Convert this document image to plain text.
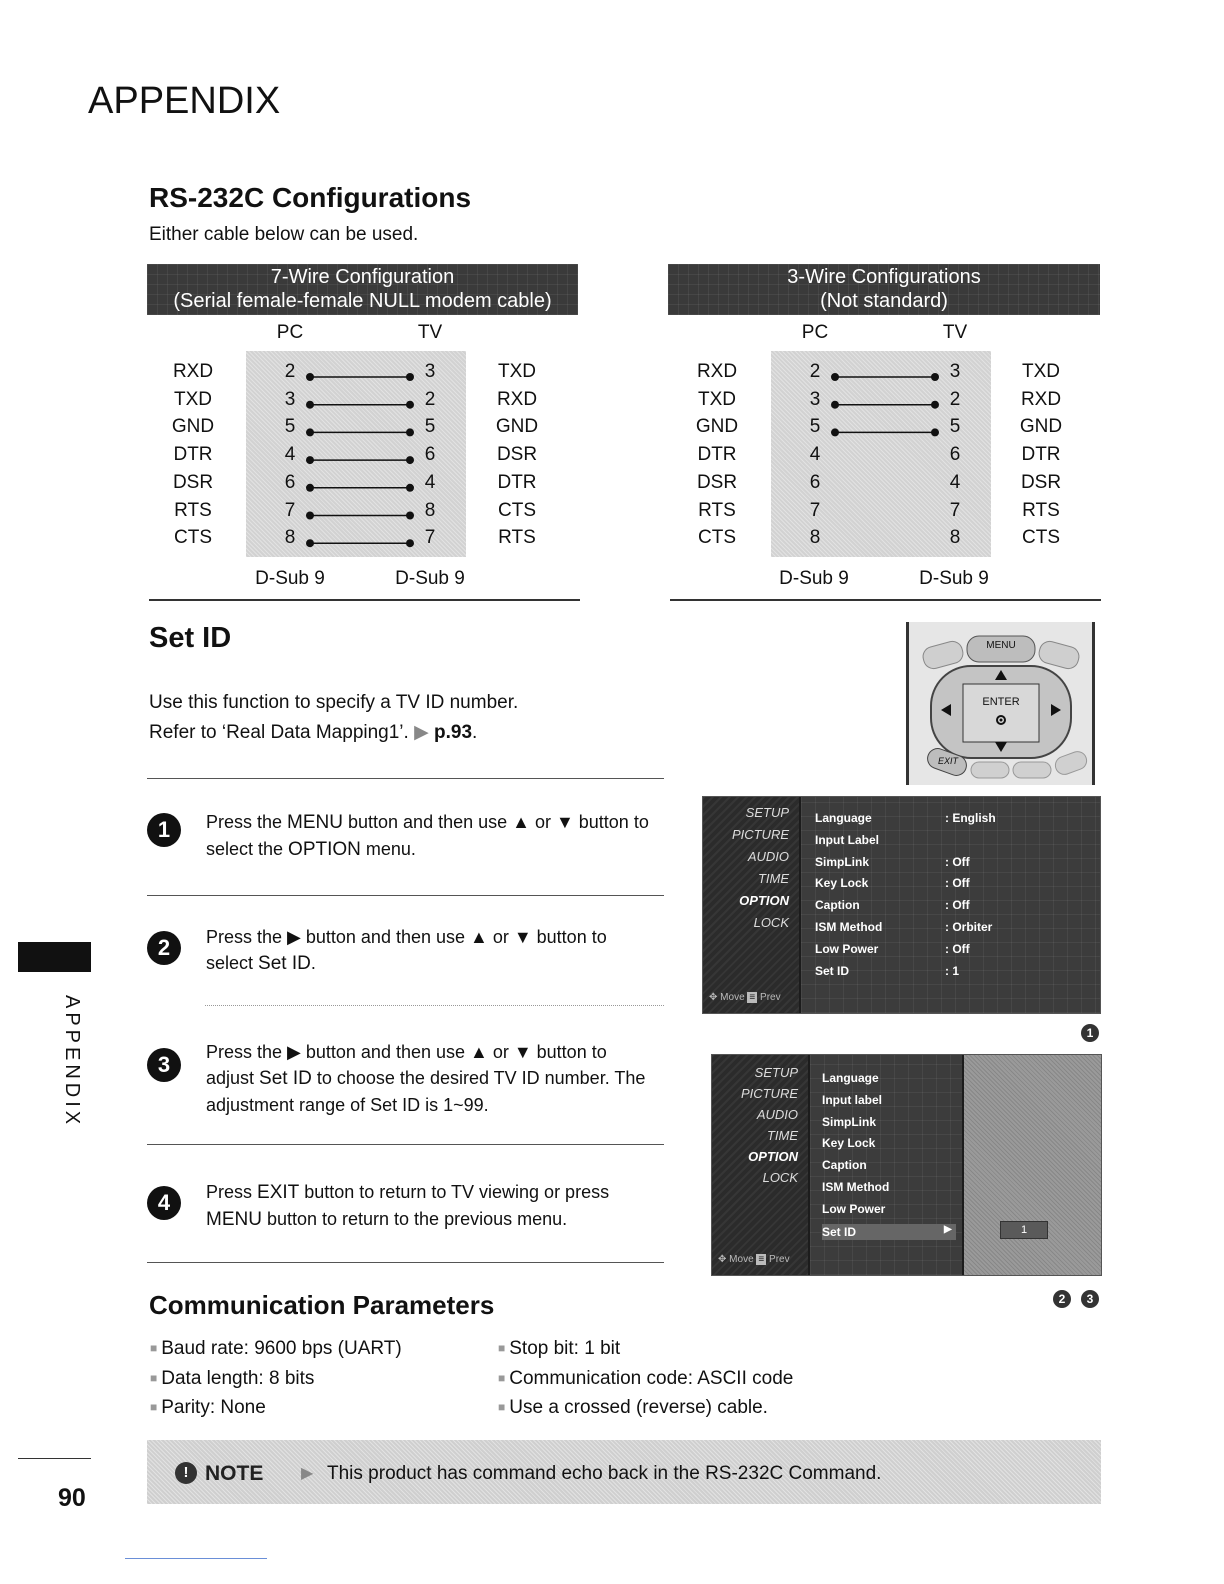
APPENDIX
RS-232C Configurations
Either cable below can be used.
7-Wire Configuration
(Serial female-female NULL modem cable)
PC	TV
RXD	2	3	TXD
TXD	3	2	RXD
GND	5	5	GND
DTR	4	6	DSR
DSR	6	4	DTR
RTS	7	8	CTS
CTS	8	7	RTS
D-Sub 9	D-Sub 9
3-Wire Configurations
(Not standard)
PC	TV
RXD	2	3	TXD
TXD	3	2	RXD
GND	5	5	GND
DTR	4	6	DTR
DSR	6	4	DSR
RTS	7	7	RTS
CTS	8	8	CTS
D-Sub 9	D-Sub 9
Set ID
Use this function to specify a TV ID number.
Refer to ‘Real Data Mapping1’. ▶ p.93.
1	Press the MENU button and then use ▲ or ▼ button to select the OPTION menu.
2	Press the ▶ button and then use ▲ or ▼ button to select Set ID.
3	Press the ▶ button and then use ▲ or ▼ button to adjust Set ID to choose the desired TV ID number. The adjustment range of Set ID is 1~99.
4	Press EXIT button to return to TV viewing or press MENU button to return to the previous menu.
MENU
ENTER
EXIT
SETUP
PICTURE
AUDIO
TIME
OPTION
LOCK
✥ Move ≡ Prev
Language	: English
Input Label
SimpLink	: Off
Key Lock	: Off
Caption	: Off
ISM Method	: Orbiter
Low Power	: Off
Set ID	: 1
1
SETUP
PICTURE
AUDIO
TIME
OPTION
LOCK
✥ Move ≡ Prev
Language
Input label
SimpLink
Key Lock
Caption
ISM Method
Low Power
Set ID	▶	1
2	3
Communication Parameters
■ Baud rate: 9600 bps (UART)
■ Data length: 8 bits
■ Parity: None
■ Stop bit: 1 bit
■ Communication code: ASCII code
■ Use a crossed (reverse) cable.
! NOTE ▶ This product has command echo back in the RS-232C Command.
APPENDIX
90
